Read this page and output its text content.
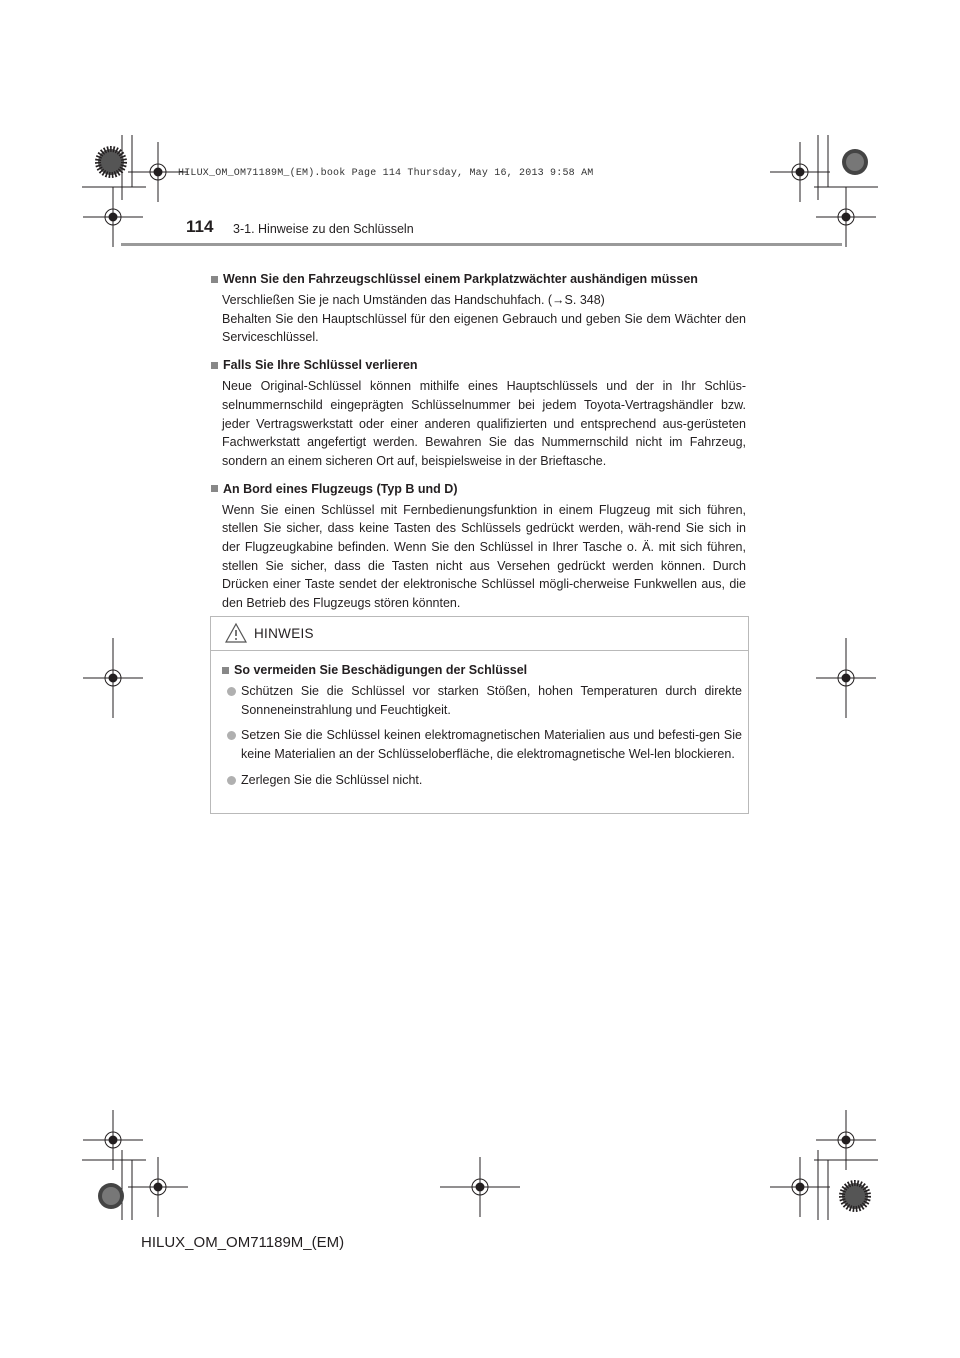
HILUX_OM_OM71189M_(EM).book Page 114 Thursday, May 16, 2013 9:58 AM
114 3-1. Hinweise zu den Schlüsseln
Wenn Sie den Fahrzeugschlüssel einem Parkplatzwächter aushändigen müssen

Verschließen Sie je nach Umständen das Handschuhfach. (→S. 348)

Behalten Sie den Hauptschlüssel für den eigenen Gebrauch und geben Sie dem Wächter den Serviceschlüssel.

Falls Sie Ihre Schlüssel verlieren

Neue Original-Schlüssel können mithilfe eines Hauptschlüssels und der in Ihr Schlüs-selnummernschild eingeprägten Schlüsselnummer bei jedem Toyota-Vertragshändler bzw. jeder Vertragswerkstatt oder einer anderen qualifizierten und entsprechend aus-gerüsteten Fachwerkstatt angefertigt werden. Bewahren Sie das Nummernschild nicht im Fahrzeug, sondern an einem sicheren Ort auf, beispielsweise in der Brieftasche.

An Bord eines Flugzeugs (Typ B und D)

Wenn Sie einen Schlüssel mit Fernbedienungsfunktion in einem Flugzeug mit sich führen, stellen Sie sicher, dass keine Tasten des Schlüssels gedrückt werden, wäh-rend Sie sich in der Flugzeugkabine befinden. Wenn Sie den Schlüssel in Ihrer Tasche o. Ä. mit sich führen, stellen Sie sicher, dass die Tasten nicht aus Versehen gedrückt werden können. Durch Drücken einer Taste sendet der elektronische Schlüssel mögli-cherweise Funkwellen aus, die den Betrieb des Flugzeugs stören könnten.

HINWEIS
So vermeiden Sie Beschädigungen der Schlüssel
Schützen Sie die Schlüssel vor starken Stößen, hohen Temperaturen durch direkte Sonneneinstrahlung und Feuchtigkeit.
Setzen Sie die Schlüssel keinen elektromagnetischen Materialien aus und befesti-gen Sie keine Materialien an der Schlüsseloberfläche, die elektromagnetische Wel-len blockieren.
Zerlegen Sie die Schlüssel nicht.
HILUX_OM_OM71189M_(EM)
